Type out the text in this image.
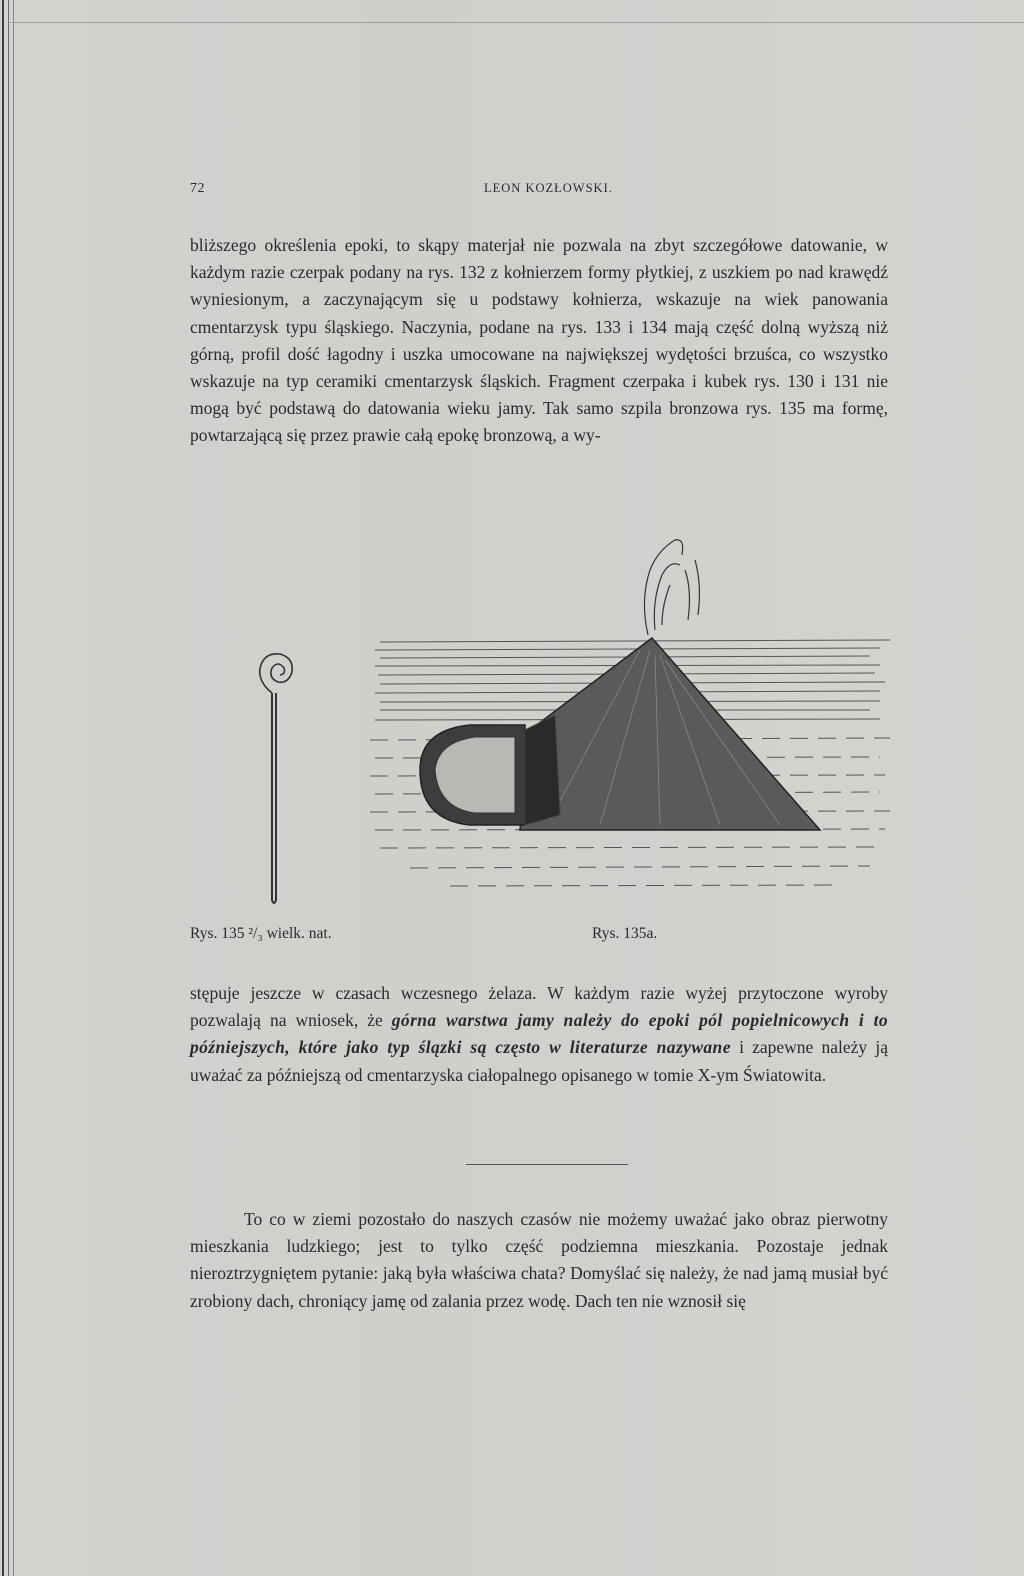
72	LEON KOZŁOWSKI.

bliższego określenia epoki, to skąpy materjał nie pozwala na zbyt szczegółowe datowanie, w każdym razie czerpak podany na rys. 132 z kołnierzem formy płytkiej, z uszkiem po nad krawędź wyniesionym, a zaczynającym się u podstawy kołnierza, wskazuje na wiek panowania cmentarzysk typu śląskiego. Naczynia, podane na rys. 133 i 134 mają część dolną wyższą niż górną, profil dość łagodny i uszka umocowane na największej wydętości brzuśca, co wszystko wskazuje na typ ceramiki cmentarzysk śląskich. Fragment czerpaka i kubek rys. 130 i 131 nie mogą być podstawą do datowania wieku jamy. Tak samo szpila bronzowa rys. 135 ma formę, powtarzającą się przez prawie całą epokę bronzową, a wy-

Rys. 135 ²/₃ wielk. nat.	Rys. 135a.

stępuje jeszcze w czasach wczesnego żelaza. W każdym razie wyżej przytoczone wyroby pozwalają na wniosek, że górna warstwa jamy należy do epoki pól popielnicowych i to późniejszych, które jako typ ślązki są często w literaturze nazywane i zapewne należy ją uważać za późniejszą od cmentarzyska ciałopalnego opisanego w tomie X-ym Światowita.

To co w ziemi pozostało do naszych czasów nie możemy uważać jako obraz pierwotny mieszkania ludzkiego; jest to tylko część podziemna mieszkania. Pozostaje jednak nieroztrzygniętem pytanie: jaką była właściwa chata? Domyślać się należy, że nad jamą musiał być zrobiony dach, chroniący jamę od zalania przez wodę. Dach ten nie wznosił się
